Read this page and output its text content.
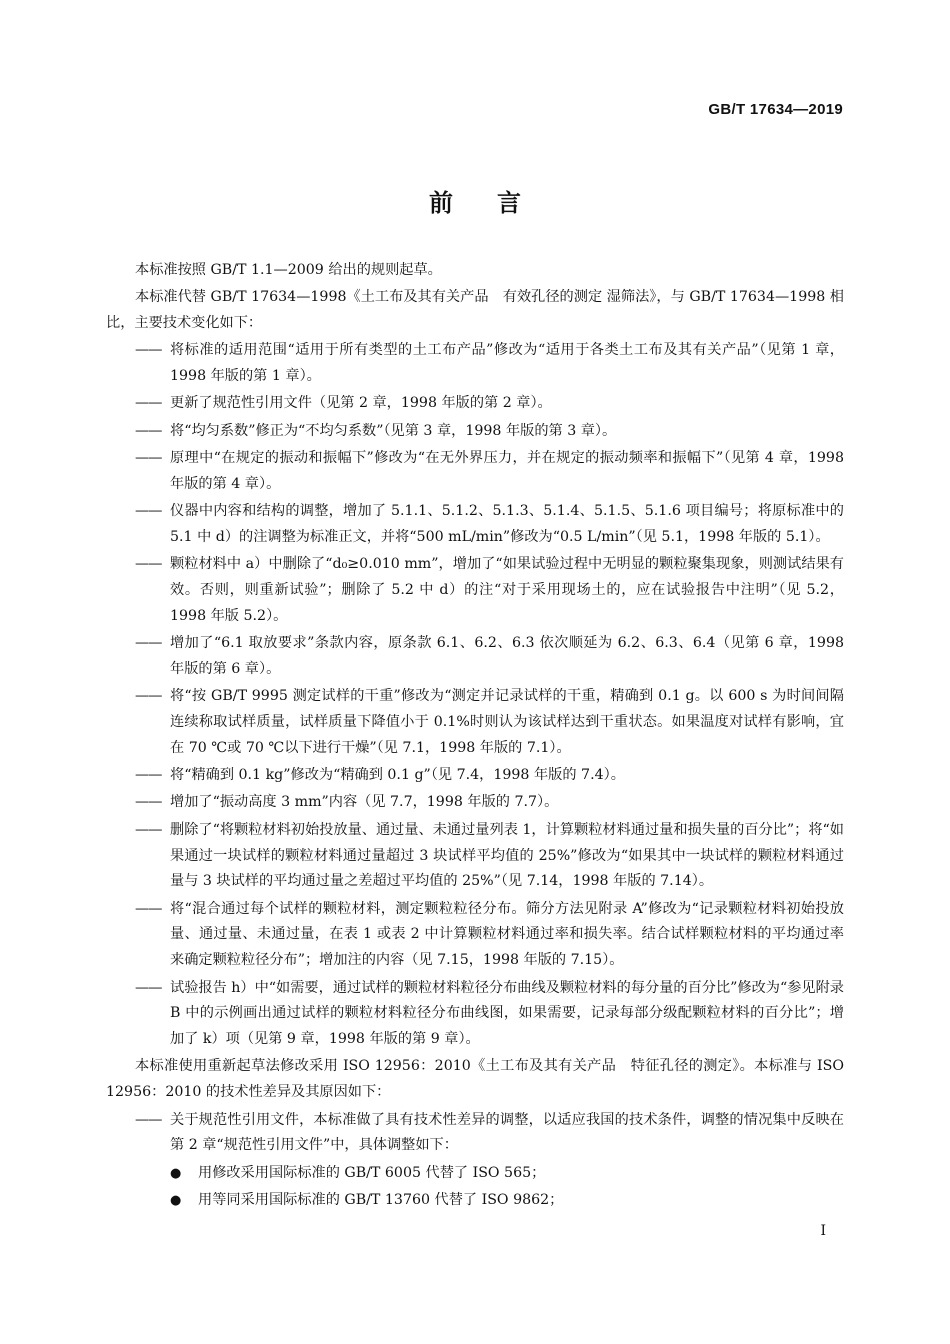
GB/T 17634—2019
前言

本标准按照 GB/T 1.1—2009 给出的规则起草。

本标准代替 GB/T 17634—1998《土工布及其有关产品　有效孔径的测定 湿筛法》，与 GB/T 17634—1998 相比，主要技术变化如下：

——
将标准的适用范围“适用于所有类型的土工布产品”修改为“适用于各类土工布及其有关产品”（见第 1 章，1998 年版的第 1 章）。
——
更新了规范性引用文件（见第 2 章，1998 年版的第 2 章）。
——
将“均匀系数”修正为“不均匀系数”（见第 3 章，1998 年版的第 3 章）。
——
原理中“在规定的振动和振幅下”修改为“在无外界压力，并在规定的振动频率和振幅下”（见第 4 章，1998 年版的第 4 章）。
——
仪器中内容和结构的调整，增加了 5.1.1、5.1.2、5.1.3、5.1.4、5.1.5、5.1.6 项目编号；将原标准中的 5.1 中 d）的注调整为标准正文，并将“500 mL/min”修改为“0.5 L/min”（见 5.1，1998 年版的 5.1）。
——
颗粒材料中 a）中删除了“d₀≥0.010 mm”，增加了“如果试验过程中无明显的颗粒聚集现象，则测试结果有效。否则，则重新试验”；删除了 5.2 中 d）的注“对于采用现场土的，应在试验报告中注明”（见 5.2，1998 年版 5.2）。
——
增加了“6.1 取放要求”条款内容，原条款 6.1、6.2、6.3 依次顺延为 6.2、6.3、6.4（见第 6 章，1998 年版的第 6 章）。
——
将“按 GB/T 9995 测定试样的干重”修改为“测定并记录试样的干重，精确到 0.1 g。以 600 s 为时间间隔连续称取试样质量，试样质量下降值小于 0.1%时则认为该试样达到干重状态。如果温度对试样有影响，宜在 70 ℃或 70 ℃以下进行干燥”（见 7.1，1998 年版的 7.1）。
——
将“精确到 0.1 kg”修改为“精确到 0.1 g”（见 7.4，1998 年版的 7.4）。
——
增加了“振动高度 3 mm”内容（见 7.7，1998 年版的 7.7）。
——
删除了“将颗粒材料初始投放量、通过量、未通过量列表 1，计算颗粒材料通过量和损失量的百分比”；将“如果通过一块试样的颗粒材料通过量超过 3 块试样平均值的 25%”修改为“如果其中一块试样的颗粒材料通过量与 3 块试样的平均通过量之差超过平均值的 25%”（见 7.14，1998 年版的 7.14）。
——
将“混合通过每个试样的颗粒材料，测定颗粒粒径分布。筛分方法见附录 A”修改为“记录颗粒材料初始投放量、通过量、未通过量，在表 1 或表 2 中计算颗粒材料通过率和损失率。结合试样颗粒材料的平均通过率来确定颗粒粒径分布”；增加注的内容（见 7.15，1998 年版的 7.15）。
——
试验报告 h）中“如需要，通过试样的颗粒材料粒径分布曲线及颗粒材料的每分量的百分比”修改为“参见附录 B 中的示例画出通过试样的颗粒材料粒径分布曲线图，如果需要，记录每部分级配颗粒材料的百分比”；增加了 k）项（见第 9 章，1998 年版的第 9 章）。

本标准使用重新起草法修改采用 ISO 12956：2010《土工布及其有关产品　特征孔径的测定》。本标准与 ISO 12956：2010 的技术性差异及其原因如下：

——
关于规范性引用文件，本标准做了具有技术性差异的调整，以适应我国的技术条件，调整的情况集中反映在第 2 章“规范性引用文件”中，具体调整如下：
●	用修改采用国际标准的 GB/T 6005 代替了 ISO 565；
●	用等同采用国际标准的 GB/T 13760 代替了 ISO 9862；
I
